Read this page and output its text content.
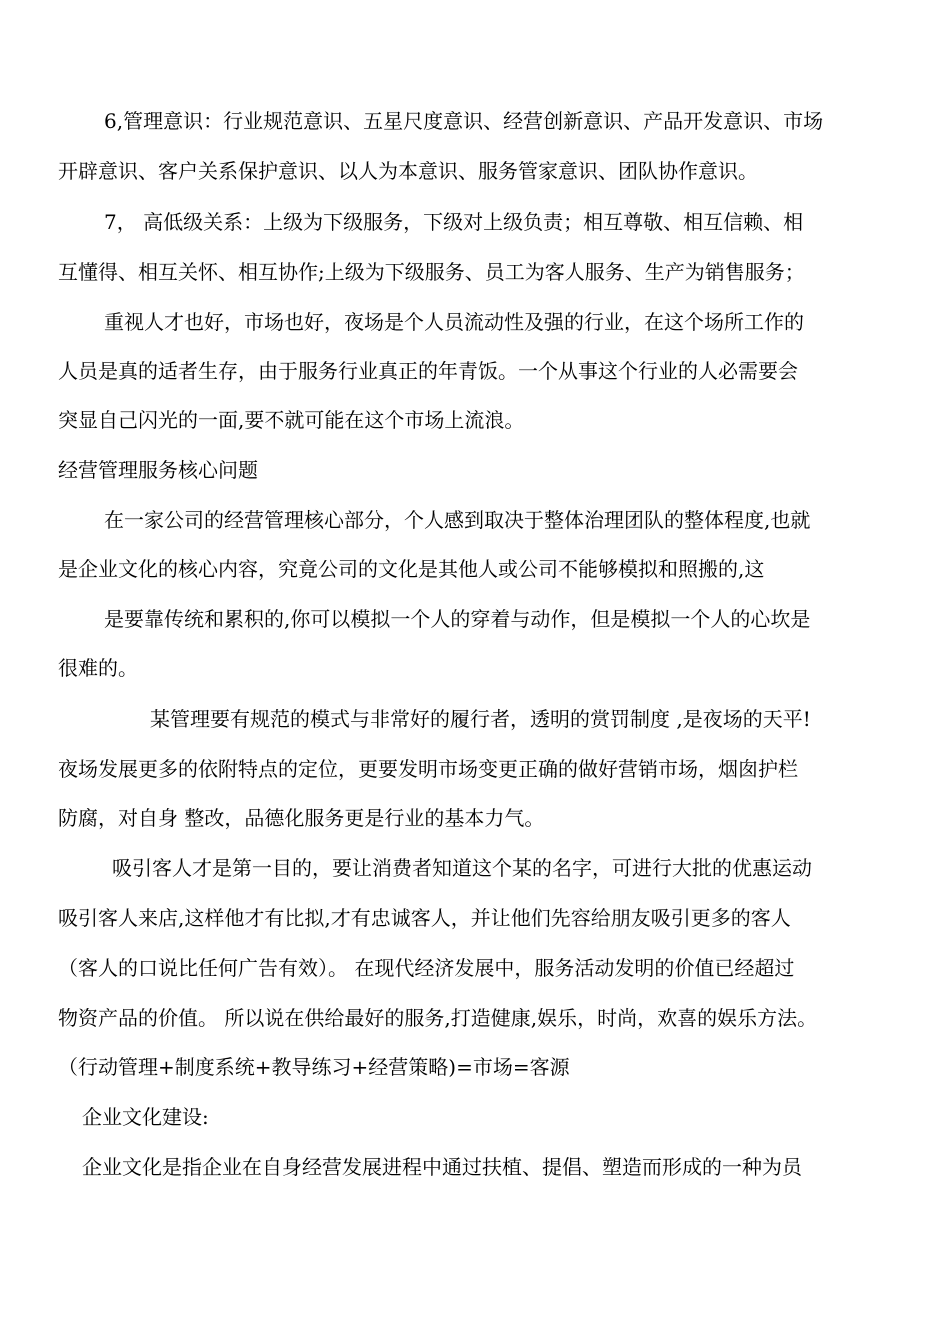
6,管理意识：行业规范意识、五星尺度意识、经营创新意识、产品开发意识、市场

开辟意识、客户关系保护意识、以人为本意识、服务管家意识、团队协作意识。

7， 高低级关系：上级为下级服务，下级对上级负责；相互尊敬、相互信赖、相

互懂得、相互关怀、相互协作;上级为下级服务、员工为客人服务、生产为销售服务；

重视人才也好，市场也好，夜场是个人员流动性及强的行业，在这个场所工作的

人员是真的适者生存，由于服务行业真正的年青饭。一个从事这个行业的人必需要会

突显自己闪光的一面,要不就可能在这个市场上流浪。

经营管理服务核心问题

在一家公司的经营管理核心部分，个人感到取决于整体治理团队的整体程度,也就

是企业文化的核心内容，究竟公司的文化是其他人或公司不能够模拟和照搬的,这

是要靠传统和累积的,你可以模拟一个人的穿着与动作，但是模拟一个人的心坎是

很难的。

某管理要有规范的模式与非常好的履行者，透明的赏罚制度 ,是夜场的天平!

夜场发展更多的依附特点的定位，更要发明市场变更正确的做好营销市场，烟囱护栏

防腐，对自身 整改，品德化服务更是行业的基本力气。

吸引客人才是第一目的，要让消费者知道这个某的名字，可进行大批的优惠运动

吸引客人来店,这样他才有比拟,才有忠诚客人，并让他们先容给朋友吸引更多的客人

（客人的口说比任何广告有效）。 在现代经济发展中，服务活动发明的价值已经超过

物资产品的价值。 所以说在供给最好的服务,打造健康,娱乐，时尚，欢喜的娱乐方法。

（行动管理+制度系统+教导练习+经营策略)=市场=客源

企业文化建设:

企业文化是指企业在自身经营发展进程中通过扶植、提倡、塑造而形成的一种为员
